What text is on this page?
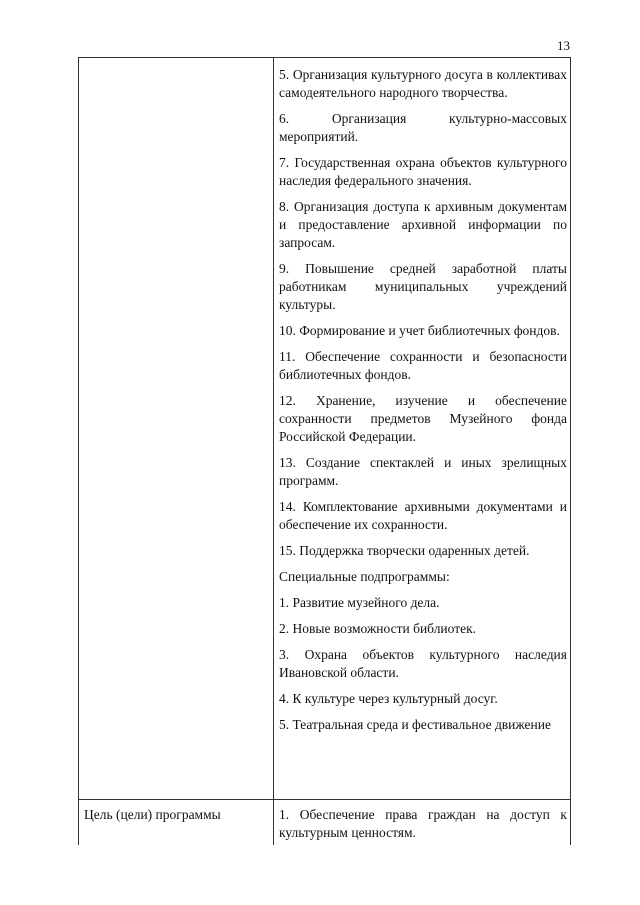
13

5. Организация культурного досуга в коллективах самодеятельного народного творчества.

6. Организация культурно-массовых мероприятий.

7. Государственная охрана объектов культурного наследия федерального значения.

8. Организация доступа к архивным документам и предоставление архивной информации по запросам.

9. Повышение средней заработной платы работникам муниципальных учреждений культуры.

10. Формирование и учет библиотечных фондов.

11. Обеспечение сохранности и безопасности библиотечных фондов.

12. Хранение, изучение и обеспечение сохранности предметов Музейного фонда Российской Федерации.

13. Создание спектаклей и иных зрелищных программ.

14. Комплектование архивными документами и обеспечение их сохранности.

15. Поддержка творчески одаренных детей.

Специальные подпрограммы:

1. Развитие музейного дела.

2. Новые возможности библиотек.

3. Охрана объектов культурного наследия Ивановской области.

4. К культуре через культурный досуг.

5. Театральная среда и фестивальное движение

Цель (цели) программы	1. Обеспечение права граждан на доступ к культурным ценностям.
